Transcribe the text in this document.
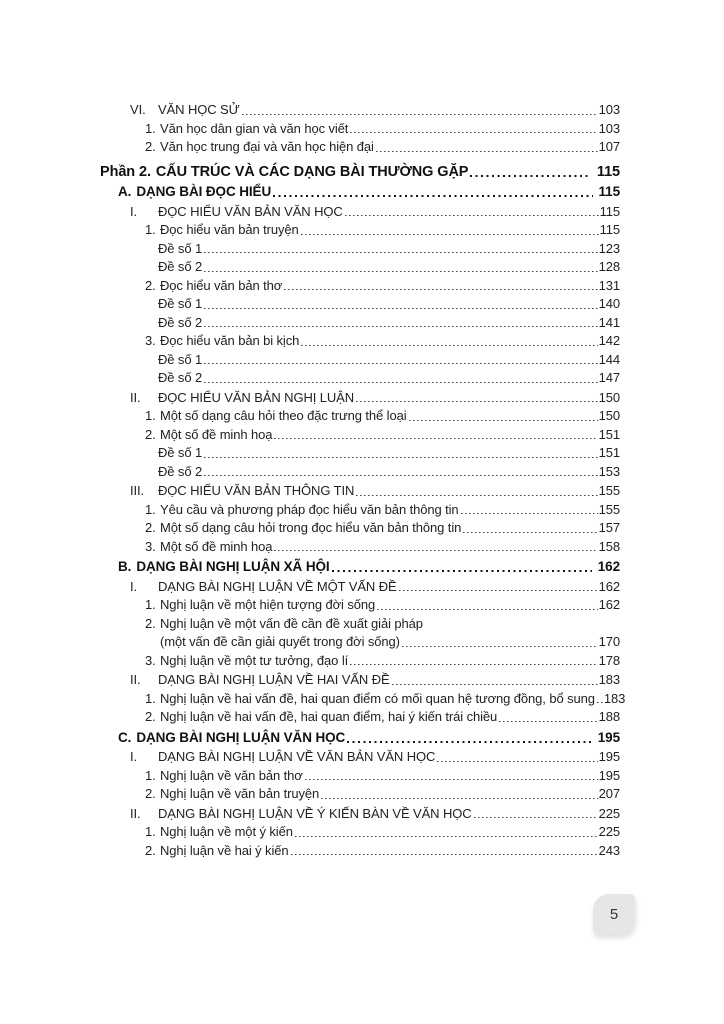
VI. VĂN HỌC SỬ	103
1. Văn học dân gian và văn học viết	103
2. Văn học trung đại và văn học hiện đại	107
Phần 2. CẤU TRÚC VÀ CÁC DẠNG BÀI THƯỜNG GẶP	115
A. DẠNG BÀI ĐỌC HIỂU	115
I.	ĐỌC HIỂU VĂN BẢN VĂN HỌC	115
1. Đọc hiểu văn bản truyện	115
Đề số 1	123
Đề số 2	128
2. Đọc hiểu văn bản thơ	131
Đề số 1	140
Đề số 2	141
3. Đọc hiểu văn bản bi kịch	142
Đề số 1	144
Đề số 2	147
II.	ĐỌC HIỂU VĂN BẢN NGHỊ LUẬN	150
1. Một số dạng câu hỏi theo đặc trưng thể loại	150
2. Một số đề minh hoạ	151
Đề số 1	151
Đề số 2	153
III.	ĐỌC HIỂU VĂN BẢN THÔNG TIN	155
1. Yêu cầu và phương pháp đọc hiểu văn bản thông tin	155
2. Một số dạng câu hỏi trong đọc hiểu văn bản thông tin	157
3. Một số đề minh hoạ	158
B. DẠNG BÀI NGHỊ LUẬN XÃ HỘI	162
I.	DẠNG BÀI NGHỊ LUẬN VỀ MỘT VẤN ĐỀ	162
1. Nghị luận về một hiện tượng đời sống	162
2. Nghị luận về một vấn đề cần đề xuất giải pháp
(một vấn đề cần giải quyết trong đời sống)	170
3. Nghị luận về một tư tưởng, đạo lí	178
II.	DẠNG BÀI NGHỊ LUẬN VỀ HAI VẤN ĐỀ	183
1. Nghị luận về hai vấn đề, hai quan điểm có mối quan hệ tương đồng, bổ sung 183
2. Nghị luận về hai vấn đề, hai quan điểm, hai ý kiến trái chiều	188
C. DẠNG BÀI NGHỊ LUẬN VĂN HỌC	195
I.	DẠNG BÀI NGHỊ LUẬN VỀ VĂN BẢN VĂN HỌC	195
1. Nghị luận về văn bản thơ	195
2. Nghị luận về văn bản truyện	207
II.	DẠNG BÀI NGHỊ LUẬN VỀ Ý KIẾN BÀN VỀ VĂN HỌC	225
1. Nghị luận về một ý kiến	225
2. Nghị luận về hai ý kiến	243
5
